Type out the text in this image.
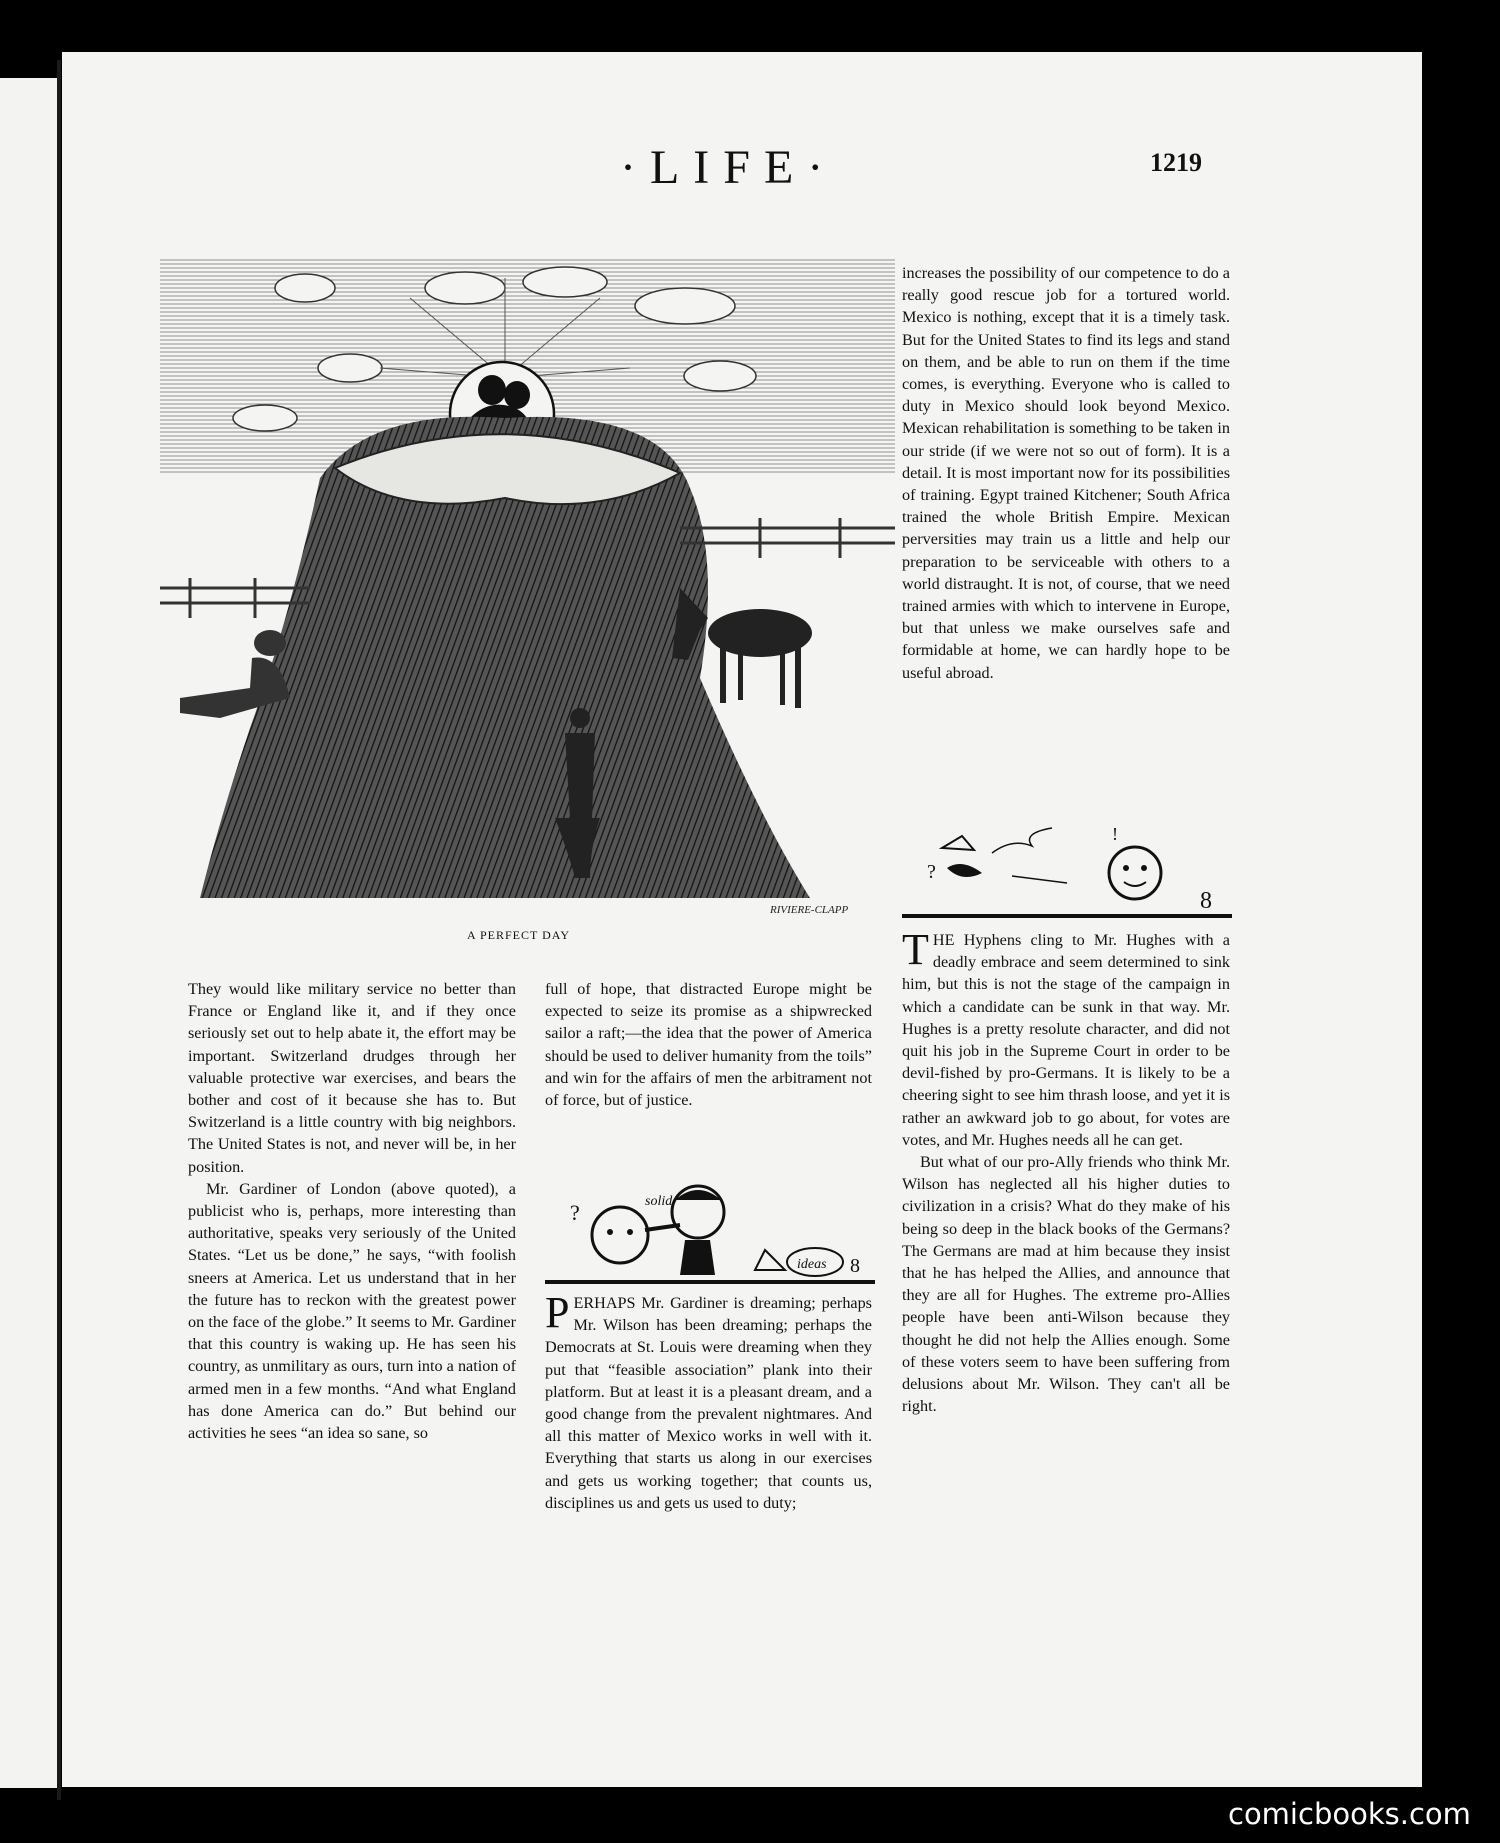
·LIFE·	1219
RIVIERE-CLAPP
A PERFECT DAY

They would like military service no better than France or England like it, and if they once seriously set out to help abate it, the effort may be important. Switzerland drudges through her valuable protective war exercises, and bears the bother and cost of it because she has to. But Switzerland is a little country with big neighbors. The United States is not, and never will be, in her position.

Mr. Gardiner of London (above quoted), a publicist who is, perhaps, more interesting than authoritative, speaks very seriously of the United States. “Let us be done,” he says, “with foolish sneers at America. Let us understand that in her the future has to reckon with the greatest power on the face of the globe.” It seems to Mr. Gardiner that this country is waking up. He has seen his country, as unmilitary as ours, turn into a nation of armed men in a few months. “And what England has done America can do.” But behind our activities he sees “an idea so sane, so

full of hope, that distracted Europe might be expected to seize its promise as a shipwrecked sailor a raft;—the idea that the power of America should be used to deliver humanity from the toils” and win for the affairs of men the arbitrament not of force, but of justice.

?	solid
ideas 8

PERHAPS Mr. Gardiner is dreaming; perhaps Mr. Wilson has been dreaming; perhaps the Democrats at St. Louis were dreaming when they put that “feasible association” plank into their platform. But at least it is a pleasant dream, and a good change from the prevalent nightmares. And all this matter of Mexico works in well with it. Everything that starts us along in our exercises and gets us working together; that counts us, disciplines us and gets us used to duty;

increases the possibility of our competence to do a really good rescue job for a tortured world. Mexico is nothing, except that it is a timely task. But for the United States to find its legs and stand on them, and be able to run on them if the time comes, is everything. Everyone who is called to duty in Mexico should look beyond Mexico. Mexican rehabilitation is something to be taken in our stride (if we were not so out of form). It is a detail. It is most important now for its possibilities of training. Egypt trained Kitchener; South Africa trained the whole British Empire. Mexican perversities may train us a little and help our preparation to be serviceable with others to a world distraught. It is not, of course, that we need trained armies with which to intervene in Europe, but that unless we make ourselves safe and formidable at home, we can hardly hope to be useful abroad.

?
!
8

THE Hyphens cling to Mr. Hughes with a deadly embrace and seem determined to sink him, but this is not the stage of the campaign in which a candidate can be sunk in that way. Mr. Hughes is a pretty resolute character, and did not quit his job in the Supreme Court in order to be devil-fished by pro-Germans. It is likely to be a cheering sight to see him thrash loose, and yet it is rather an awkward job to go about, for votes are votes, and Mr. Hughes needs all he can get.

But what of our pro-Ally friends who think Mr. Wilson has neglected all his higher duties to civilization in a crisis? What do they make of his being so deep in the black books of the Germans? The Germans are mad at him because they insist that he has helped the Allies, and announce that they are all for Hughes. The extreme pro-Allies people have been anti-Wilson because they thought he did not help the Allies enough. Some of these voters seem to have been suffering from delusions about Mr. Wilson. They can't all be right.

comicbooks.com
